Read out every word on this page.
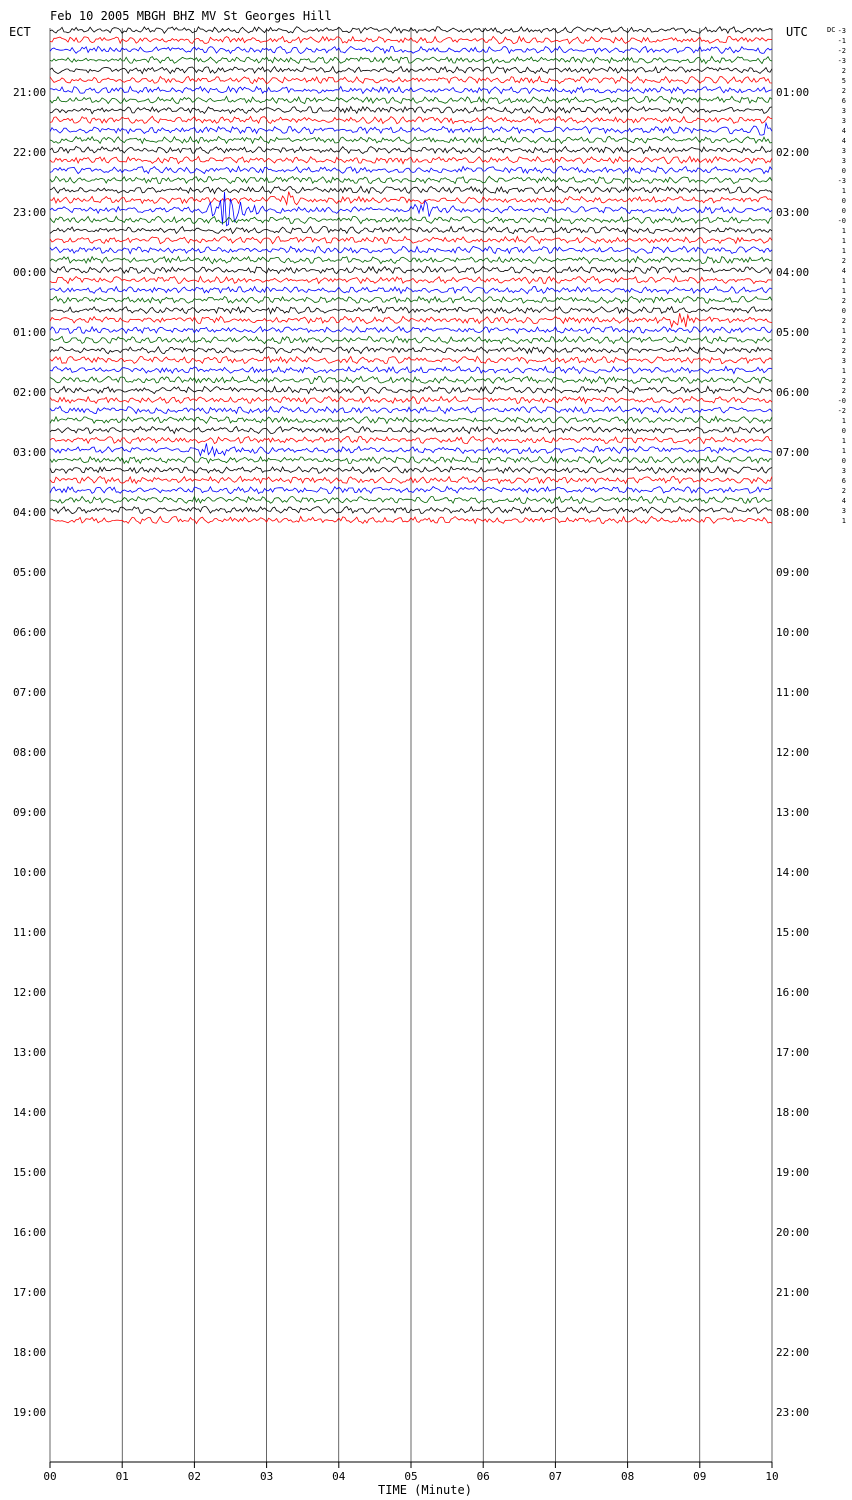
Feb 10 2005 MBGH BHZ MV St Georges Hill
ECT	UTC	DC
TIME (Minute)
21:00
22:00
23:00
00:00
01:00
02:00
03:00
04:00
05:00
06:00
07:00
08:00
09:00
10:00
11:00
12:00
13:00
14:00
15:00
16:00
17:00
18:00
19:00
01:00
02:00
03:00
04:00
05:00
06:00
07:00
08:00
09:00
10:00
11:00
12:00
13:00
14:00
15:00
16:00
17:00
18:00
19:00
20:00
21:00
22:00
23:00
-3
-1
-2
-3
2
5
2
6
3
3
4
4
3
3
0
-3
1
0
0
-0
1
1
1
2
4
1
1
2
0
2
1
2
2
3
1
2
2
-0
-2
1
0
1
1
0
3
6
2
4
3
1
00	01	02	03	04	05	06	07	08	09	10
